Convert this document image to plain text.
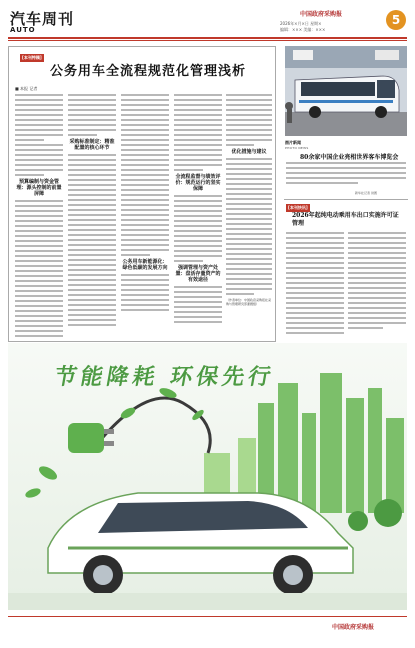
汽车周刊
AUTO
中国政府采购报
2026年×月×日 星期×
编辑：××× 美编：×××
5
[本刊特稿]
公务用车全流程规范化管理浅析
■ 本报 记者
预算编制与资金管理：源头控制的前置屏障
采购标准制定：精准配置的核心环节
公务用车新能源化：绿色低碳的发展方向
全流程监督与绩效评价：规范运行的坚实保障
强调管理与资产处置：盘活存量资产的有效途径
优化措施与建议
（作者单位：中国政府采购报社采购与管理研究部课题组）
图片新闻
PHOTO NEWS
80余家中国企业亮相世界客车博览会
新华社记者 供图
[本刊快讯]
2026年起纯电动乘用车出口实施许可证管理
节能降耗 环保先行
中国政府采购报
